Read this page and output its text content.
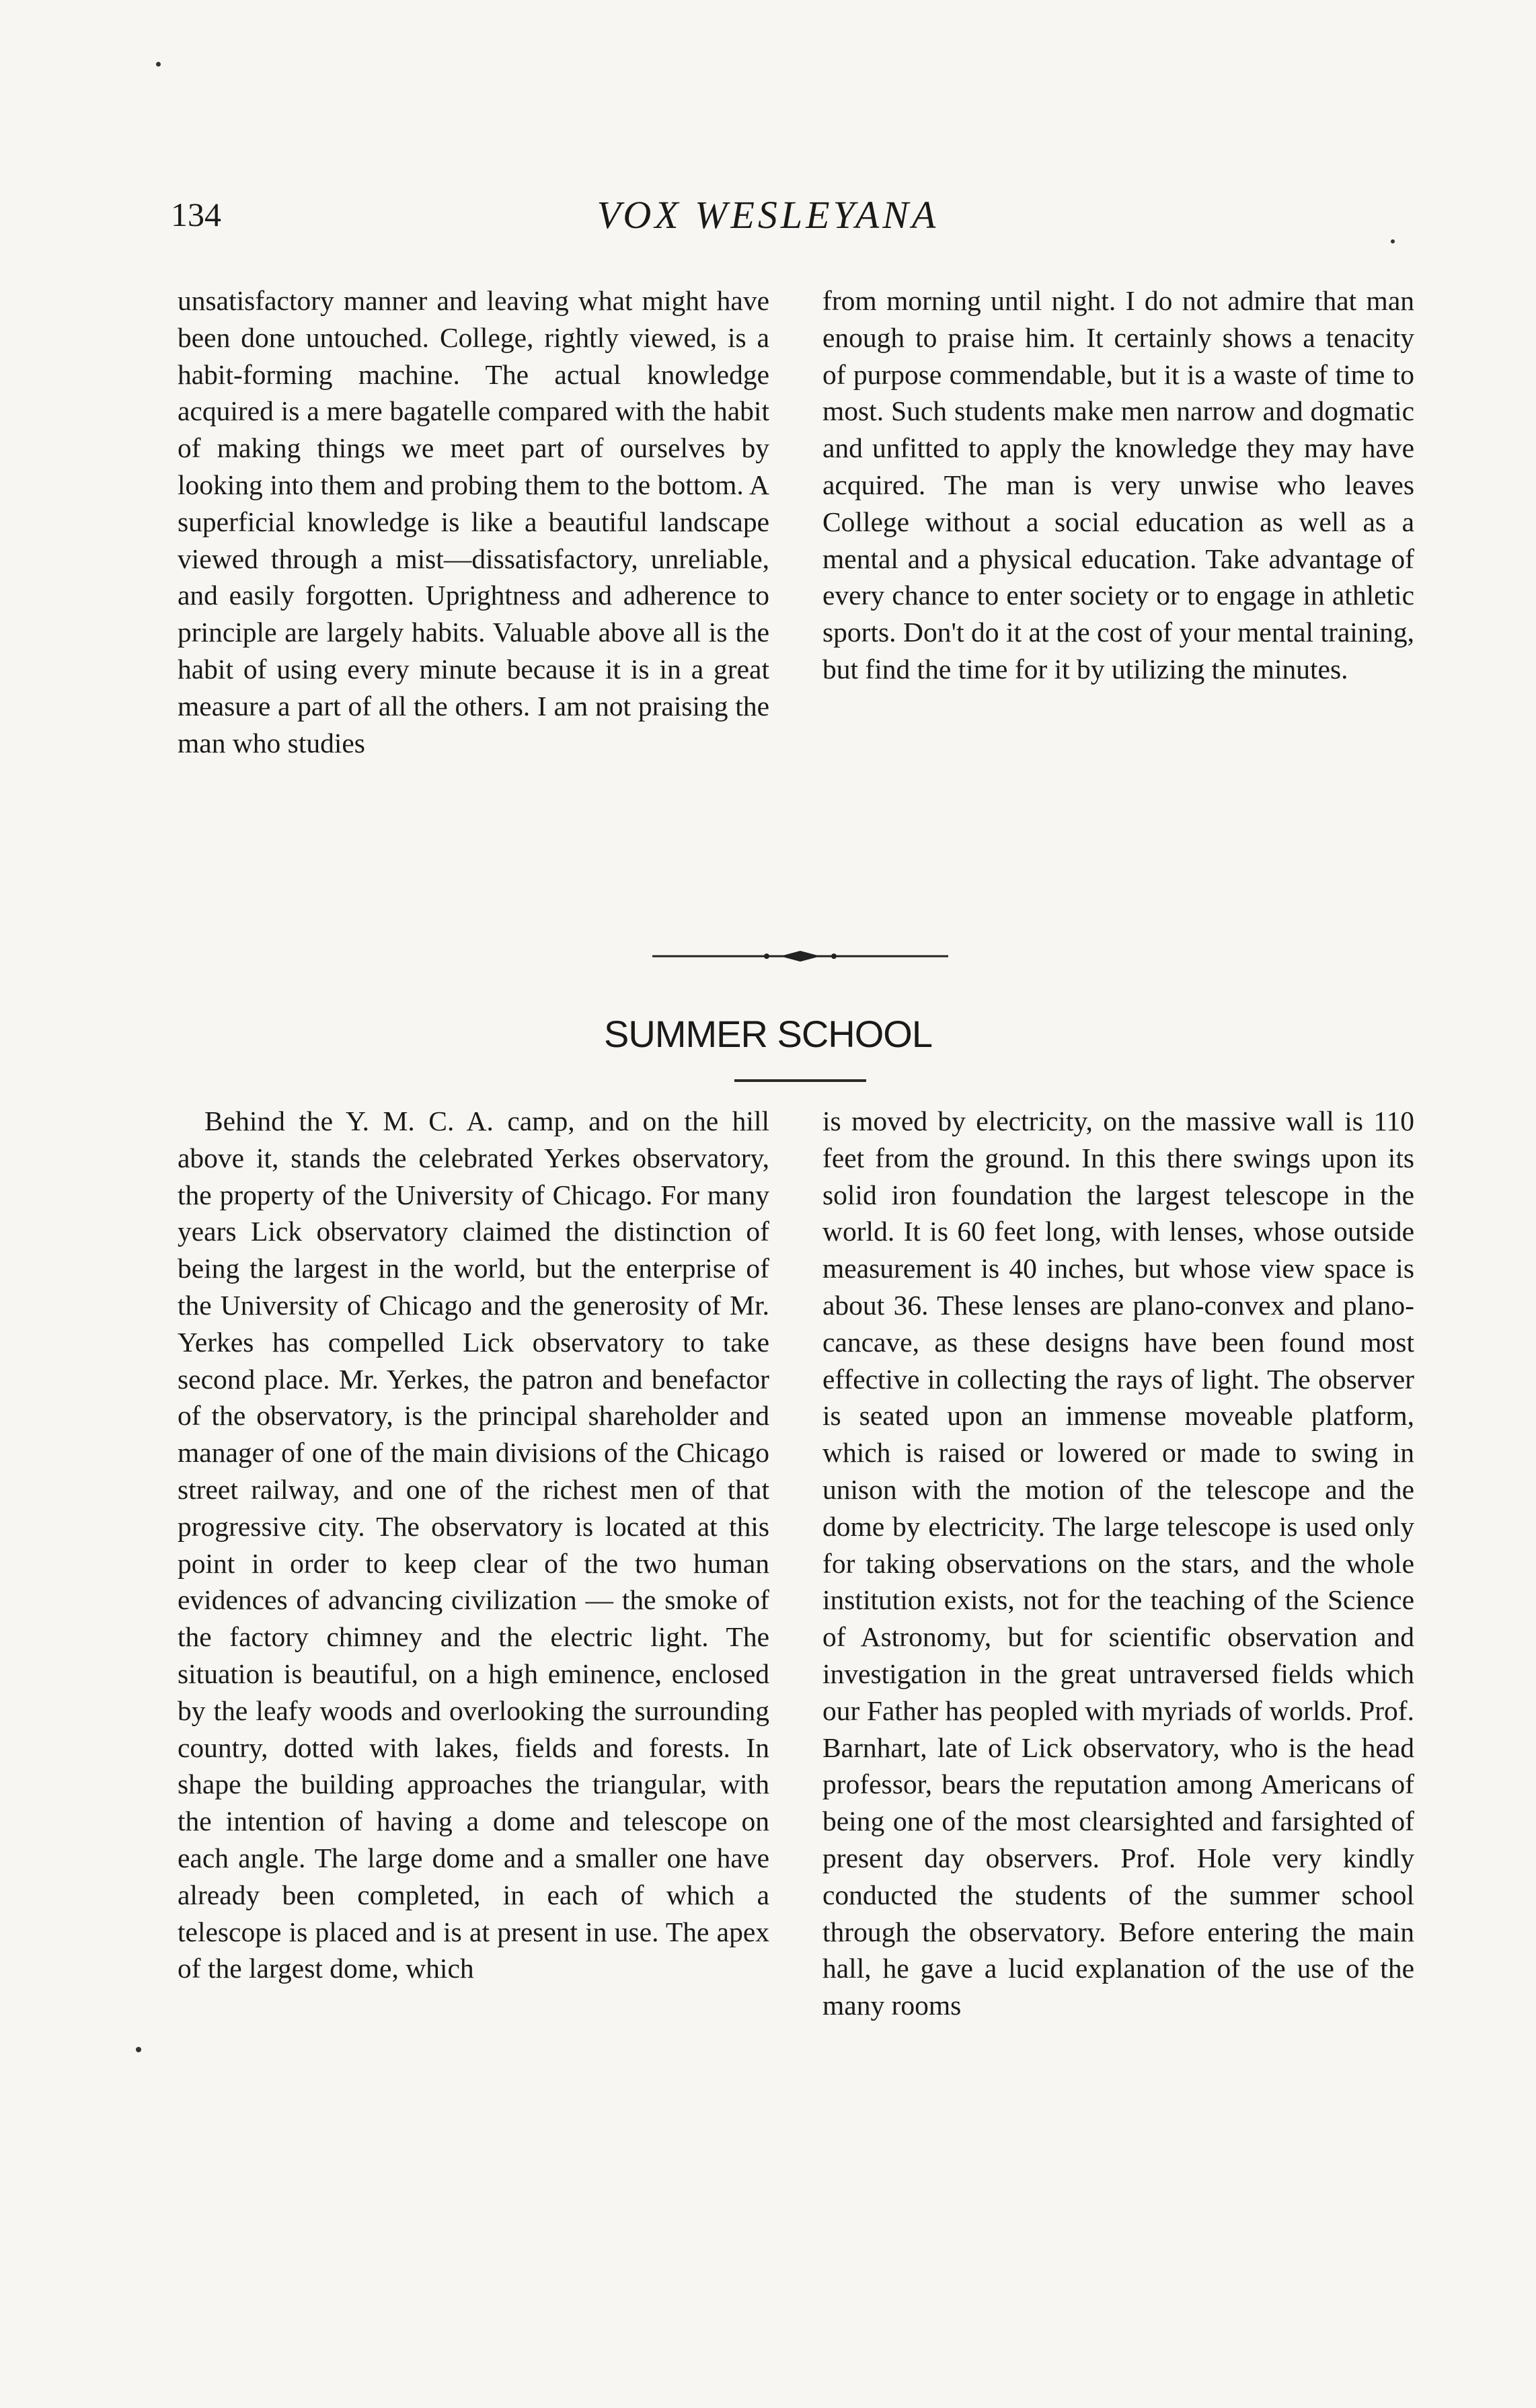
134	VOX WESLEYANA

unsatisfactory manner and leaving what might have been done untouched. College, rightly viewed, is a habit-forming machine. The actual knowledge acquired is a mere bagatelle compared with the habit of making things we meet part of ourselves by looking into them and probing them to the bottom. A superficial knowledge is like a beautiful landscape viewed through a mist—dissatisfactory, unreliable, and easily forgotten. Uprightness and adherence to principle are largely habits. Valuable above all is the habit of using every minute because it is in a great measure a part of all the others. I am not praising the man who studies

from morning until night. I do not admire that man enough to praise him. It certainly shows a tenacity of purpose commendable, but it is a waste of time to most. Such students make men narrow and dogmatic and unfitted to apply the knowledge they may have acquired. The man is very unwise who leaves College without a social education as well as a mental and a physical education. Take advantage of every chance to enter society or to engage in athletic sports. Don't do it at the cost of your mental training, but find the time for it by utilizing the minutes.

SUMMER SCHOOL

Behind the Y. M. C. A. camp, and on the hill above it, stands the celebrated Yerkes observatory, the property of the University of Chicago. For many years Lick observatory claimed the distinction of being the largest in the world, but the enterprise of the University of Chicago and the generosity of Mr. Yerkes has compelled Lick observatory to take second place. Mr. Yerkes, the patron and benefactor of the observatory, is the principal shareholder and manager of one of the main divisions of the Chicago street railway, and one of the richest men of that progressive city. The observatory is located at this point in order to keep clear of the two human evidences of advancing civilization — the smoke of the factory chimney and the electric light. The situation is beautiful, on a high eminence, enclosed by the leafy woods and overlooking the surrounding country, dotted with lakes, fields and forests. In shape the building approaches the triangular, with the intention of having a dome and telescope on each angle. The large dome and a smaller one have already been completed, in each of which a telescope is placed and is at present in use. The apex of the largest dome, which

is moved by electricity, on the massive wall is 110 feet from the ground. In this there swings upon its solid iron foundation the largest telescope in the world. It is 60 feet long, with lenses, whose outside measurement is 40 inches, but whose view space is about 36. These lenses are plano-convex and plano-cancave, as these designs have been found most effective in collecting the rays of light. The observer is seated upon an immense moveable platform, which is raised or lowered or made to swing in unison with the motion of the telescope and the dome by electricity. The large telescope is used only for taking observations on the stars, and the whole institution exists, not for the teaching of the Science of Astronomy, but for scientific observation and investigation in the great untraversed fields which our Father has peopled with myriads of worlds. Prof. Barnhart, late of Lick observatory, who is the head professor, bears the reputation among Americans of being one of the most clearsighted and farsighted of present day observers. Prof. Hole very kindly conducted the students of the summer school through the observatory. Before entering the main hall, he gave a lucid explanation of the use of the many rooms
